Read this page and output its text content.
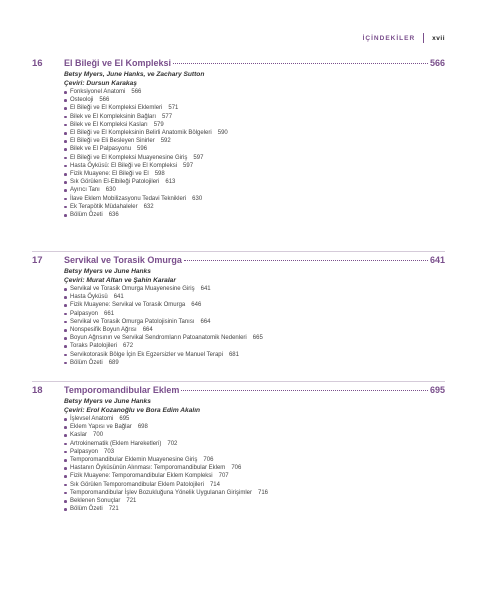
İÇİNDEKİLER	xvii
16	El Bileği ve El Kompleksi	566
Betsy Myers, June Hanks, ve Zachary Sutton
Çeviri: Dursun Karakaş
Fonksiyonel Anatomi 566
Osteoloji 566
El Bileği ve El Kompleksi Eklemleri 571
Bilek ve El Kompleksinin Bağları 577
Bilek ve El Kompleksi Kasları 579
El Bileği ve El Kompleksinin Belirli Anatomik Bölgeleri 590
El Bileği ve Eli Besleyen Sinirler 592
Bilek ve El Palpasyonu 596
El Bileği ve El Kompleksi Muayenesine Giriş 597
Hasta Öyküsü: El Bileği ve El Kompleksi 597
Fizik Muayene: El Bileği ve El 598
Sık Görülen El-Elbileği Patolojileri 613
Ayırıcı Tanı 630
İlave Eklem Mobilizasyonu Tedavi Teknikleri 630
Ek Terapötik Müdahaleler 632
Bölüm Özeti 636
17	Servikal ve Torasik Omurga	641
Betsy Myers ve June Hanks
Çeviri: Murat Altan ve Şahin Karalar
Servikal ve Torasik Omurga Muayenesine Giriş 641
Hasta Öyküsü 641
Fizik Muayene: Servikal ve Torasik Omurga 646
Palpasyon 661
Servikal ve Torasik Omurga Patolojisinin Tanısı 664
Nonspesifik Boyun Ağrısı 664
Boyun Ağrısının ve Servikal Sendromların Patoanatomik Nedenleri 665
Toraks Patolojileri 672
Servikotorasik Bölge İçin Ek Egzersizler ve Manuel Terapi 681
Bölüm Özeti 689
18	Temporomandibular Eklem	695
Betsy Myers ve June Hanks
Çeviri: Erol Kozanoğlu ve Bora Edim Akalın
İşlevsel Anatomi 695
Eklem Yapısı ve Bağlar 698
Kaslar 700
Artrokinematik (Eklem Hareketleri) 702
Palpasyon 703
Temporomandibular Eklemin Muayenesine Giriş 706
Hastanın Öyküsünün Alınması: Temporomandibular Eklem 706
Fizik Muayene: Temporomandibular Eklem Kompleksi 707
Sık Görülen Temporomandibular Eklem Patolojileri 714
Temporomandibular İşlev Bozukluğuna Yönelik Uygulanan Girişimler 716
Beklenen Sonuçlar 721
Bölüm Özeti 721
